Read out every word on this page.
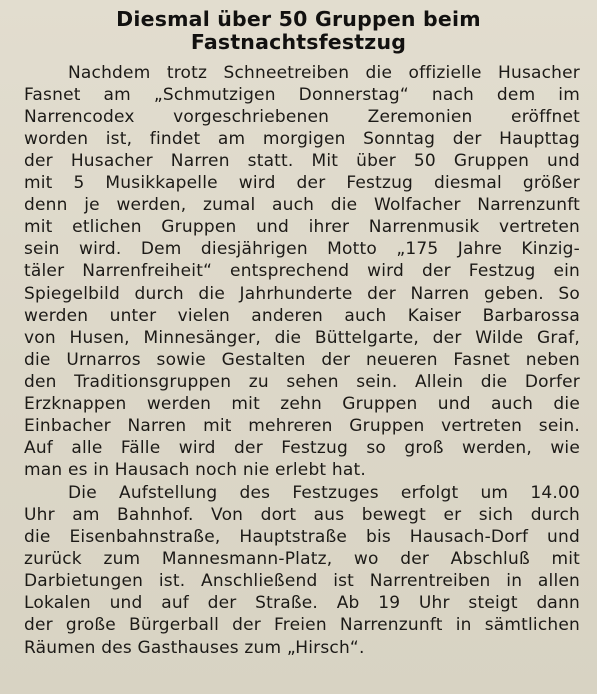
Diesmal über 50 Gruppen beim
Fastnachtsfestzug
Nachdem trotz Schneetreiben die offizielle Husacher
Fasnet am „Schmutzigen Donnerstag“ nach dem im
Narrencodex vorgeschriebenen Zeremonien eröffnet
worden ist, findet am morgigen Sonntag der Haupttag
der Husacher Narren statt. Mit über 50 Gruppen und
mit 5 Musikkapelle wird der Festzug diesmal größer
denn je werden, zumal auch die Wolfacher Narrenzunft
mit etlichen Gruppen und ihrer Narrenmusik vertreten
sein wird. Dem diesjährigen Motto „175 Jahre Kinzig-
täler Narrenfreiheit“ entsprechend wird der Festzug ein
Spiegelbild durch die Jahrhunderte der Narren geben. So
werden unter vielen anderen auch Kaiser Barbarossa
von Husen, Minnesänger, die Büttelgarte, der Wilde Graf,
die Urnarros sowie Gestalten der neueren Fasnet neben
den Traditionsgruppen zu sehen sein. Allein die Dorfer
Erzknappen werden mit zehn Gruppen und auch die
Einbacher Narren mit mehreren Gruppen vertreten sein.
Auf alle Fälle wird der Festzug so groß werden, wie
man es in Hausach noch nie erlebt hat.
Die Aufstellung des Festzuges erfolgt um 14.00
Uhr am Bahnhof. Von dort aus bewegt er sich durch
die Eisenbahnstraße, Hauptstraße bis Hausach-Dorf und
zurück zum Mannesmann-Platz, wo der Abschluß mit
Darbietungen ist. Anschließend ist Narrentreiben in allen
Lokalen und auf der Straße. Ab 19 Uhr steigt dann
der große Bürgerball der Freien Narrenzunft in sämtlichen
Räumen des Gasthauses zum „Hirsch“.
